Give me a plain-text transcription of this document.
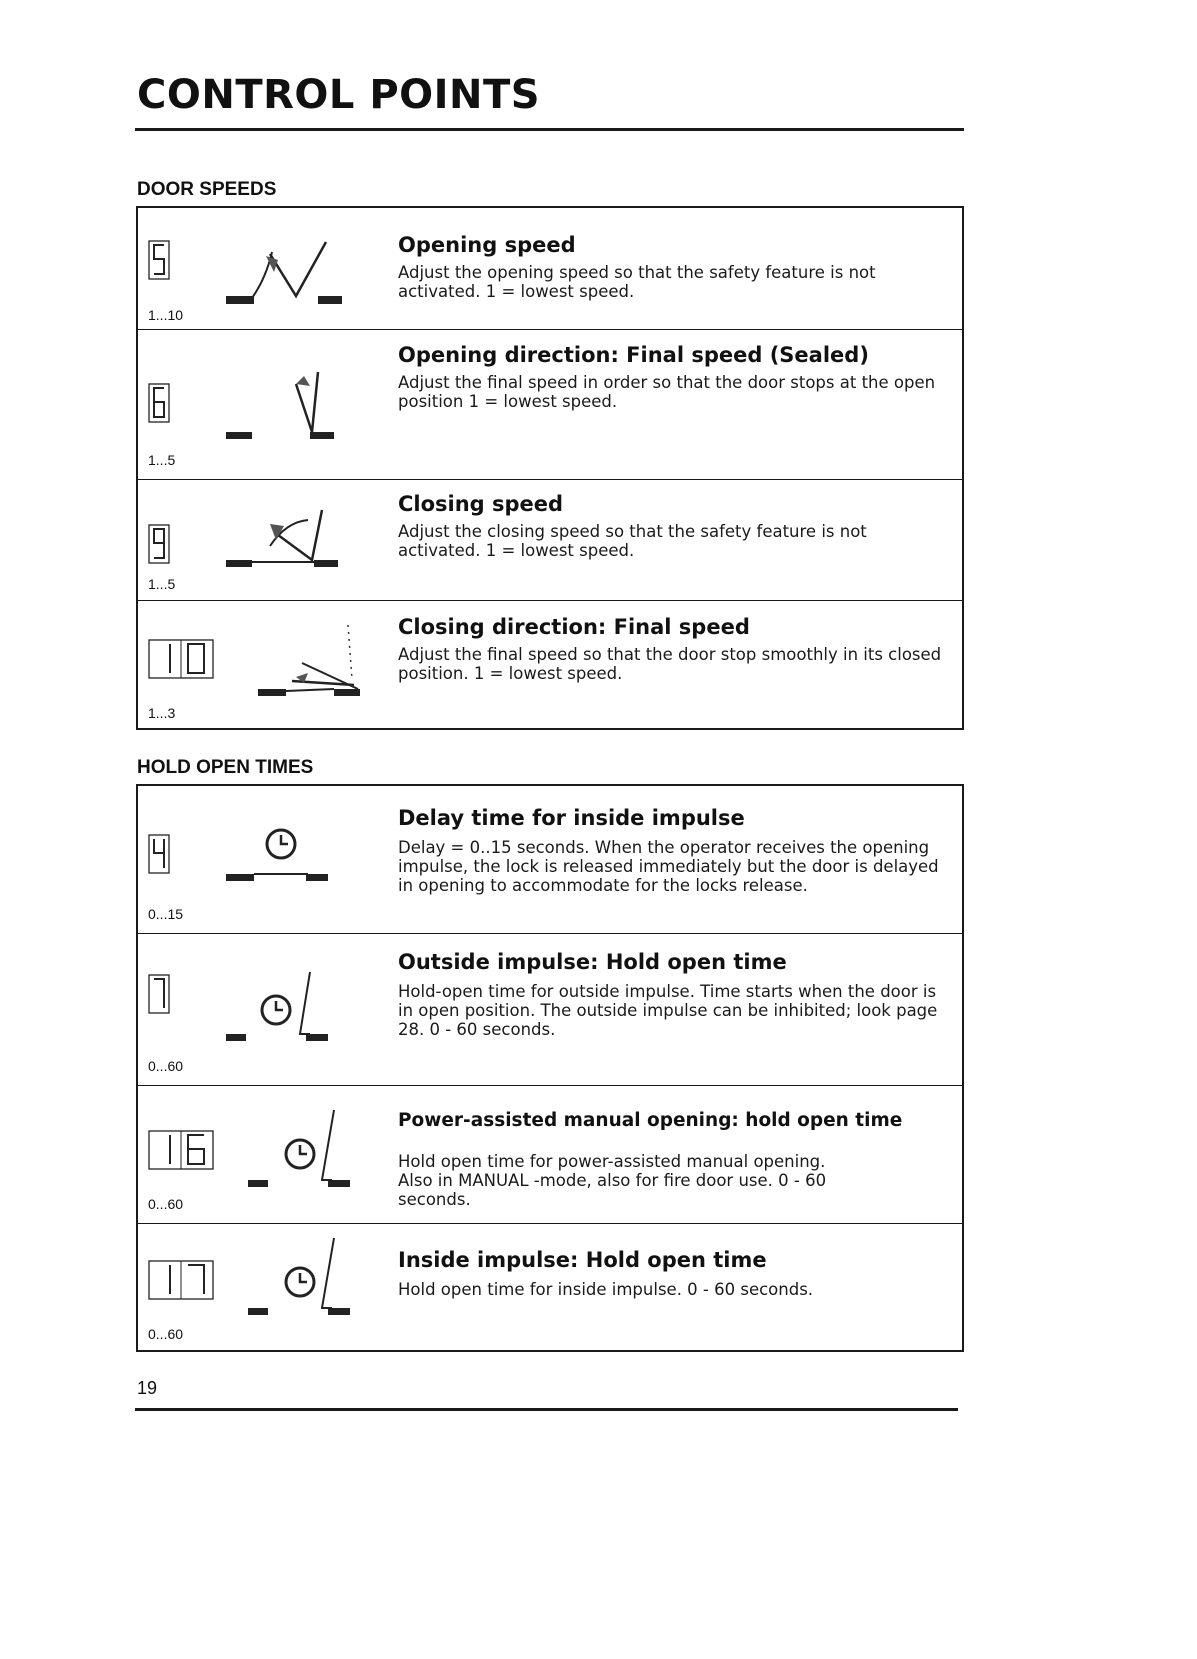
CONTROL POINTS
DOOR SPEEDS
1...10
Opening speed
Adjust the opening speed so that the safety feature is not activated. 1 = lowest speed.
1...5
Opening direction: Final speed (Sealed)
Adjust the final speed in order so that the door stops at the open position 1 = lowest speed.
1...5
Closing speed
Adjust the closing speed so that the safety feature is not activated. 1 = lowest speed.
1...3
Closing direction: Final speed
Adjust the final speed so that the door stop smoothly in its closed position. 1 = lowest speed.
HOLD OPEN TIMES
0...15
Delay time for inside impulse
Delay = 0..15 seconds. When the operator receives the opening impulse, the lock is released immediately but the door is delayed in opening to accommodate for the locks release.
0...60
Outside impulse: Hold open time
Hold-open time for outside impulse. Time starts when the door is in open position. The outside impulse can be inhibited; look page 28. 0 - 60 seconds.
0...60
Power-assisted manual opening: hold open time
Hold open time for power-assisted manual opening. Also in MANUAL -mode, also for fire door use. 0 - 60 seconds.
0...60
Inside impulse: Hold open time
Hold open time for inside impulse. 0 - 60 seconds.
19
